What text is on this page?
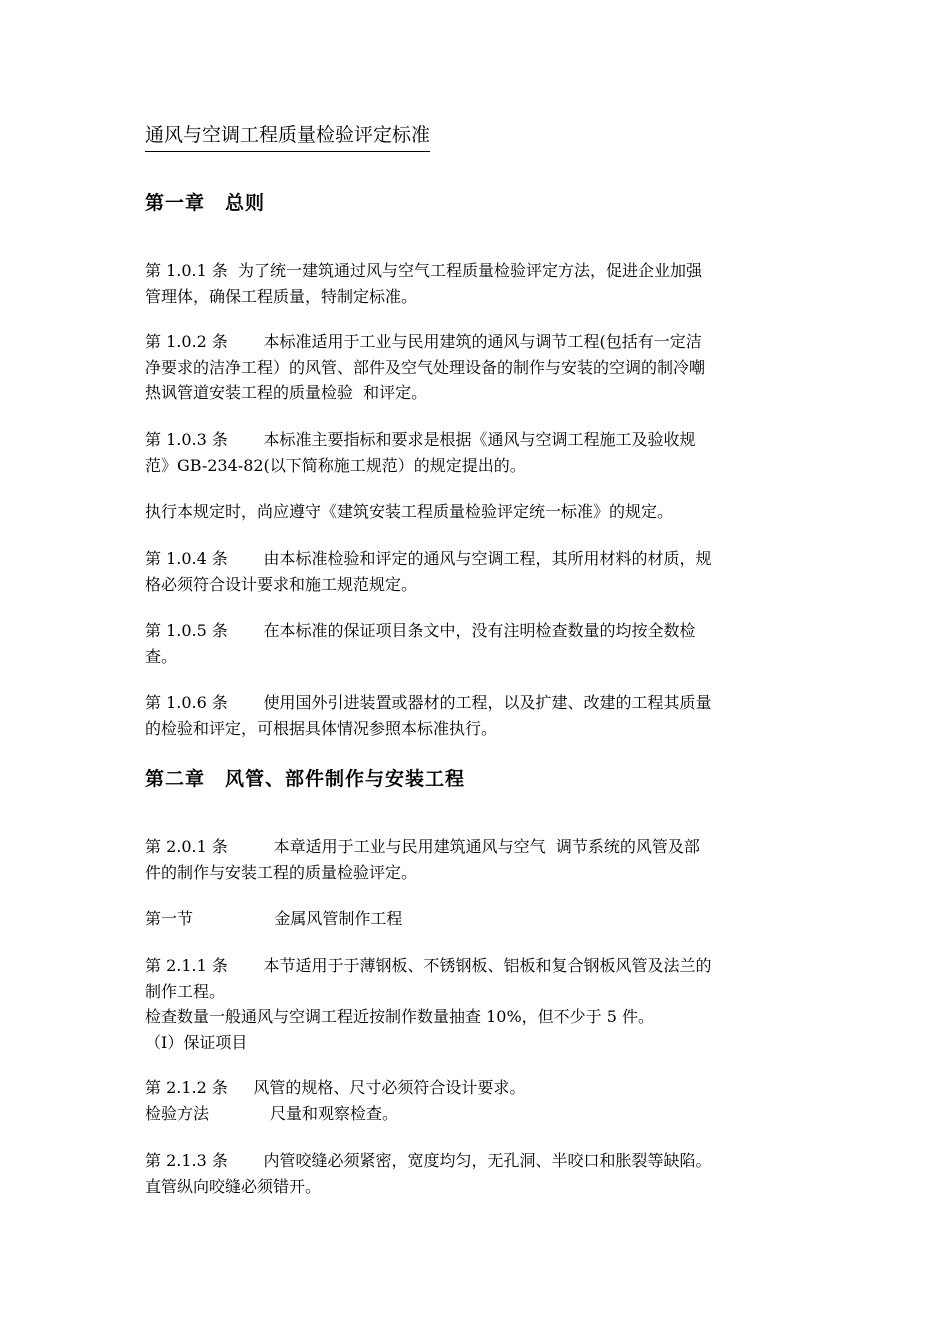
通风与空调工程质量检验评定标准
第一章　总则
第 1.0.1 条  为了统一建筑通过风与空气工程质量检验评定方法，促进企业加强
管理体，确保工程质量，特制定标准。
第 1.0.2 条       本标准适用于工业与民用建筑的通风与调节工程(包括有一定洁
净要求的洁净工程）的风管、部件及空气处理设备的制作与安装的空调的制冷嘲
热讽管道安装工程的质量检验  和评定。
第 1.0.3 条       本标准主要指标和要求是根据《通风与空调工程施工及验收规
范》GB-234-82(以下简称施工规范）的规定提出的。
执行本规定时，尚应遵守《建筑安装工程质量检验评定统一标准》的规定。
第 1.0.4 条       由本标准检验和评定的通风与空调工程，其所用材料的材质，规
格必须符合设计要求和施工规范规定。
第 1.0.5 条       在本标准的保证项目条文中，没有注明检查数量的均按全数检
查。
第 1.0.6 条       使用国外引进装置或器材的工程，以及扩建、改建的工程其质量
的检验和评定，可根据具体情况参照本标准执行。
第二章　风管、部件制作与安装工程
第 2.0.1 条         本章适用于工业与民用建筑通风与空气  调节系统的风管及部
件的制作与安装工程的质量检验评定。
第一节                金属风管制作工程
第 2.1.1 条       本节适用于于薄钢板、不锈钢板、铝板和复合钢板风管及法兰的
制作工程。
检查数量一般通风与空调工程近按制作数量抽查 10%，但不少于 5 件。
（I）保证项目
第 2.1.2 条     风管的规格、尺寸必须符合设计要求。
检验方法            尺量和观察检查。
第 2.1.3 条       内管咬缝必须紧密，宽度均匀，无孔洞、半咬口和胀裂等缺陷。
直管纵向咬缝必须错开。
